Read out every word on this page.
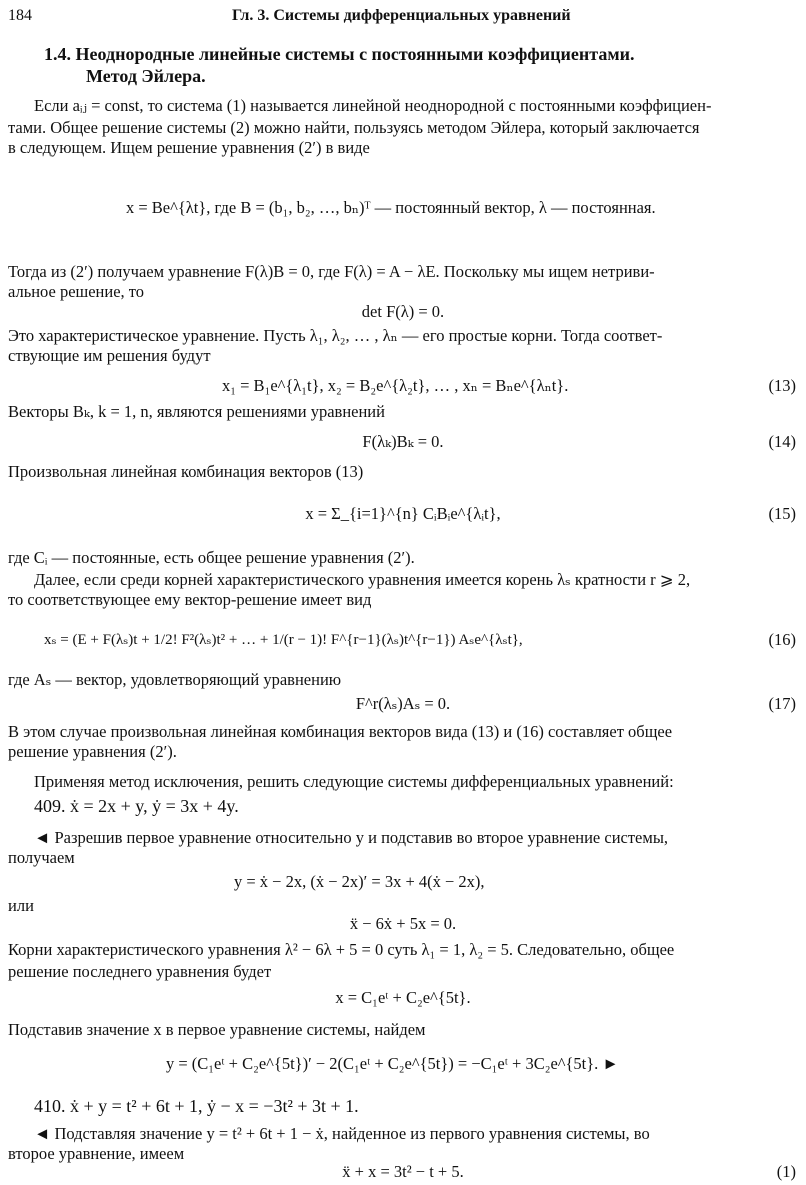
184	Гл. 3. Системы дифференциальных уравнений
1.4. Неоднородные линейные системы с постоянными коэффициентами.
Метод Эйлера.
Если aᵢⱼ = const, то система (1) называется линейной неоднородной с постоянными коэффициен-
тами. Общее решение системы (2) можно найти, пользуясь методом Эйлера, который заключается
в следующем. Ищем решение уравнения (2′) в виде
x = Be^{λt}, где B = (b₁, b₂, …, bₙ)ᵀ — постоянный вектор, λ — постоянная.
Тогда из (2′) получаем уравнение F(λ)B = 0, где F(λ) = A − λE. Поскольку мы ищем нетриви-
альное решение, то
det F(λ) = 0.
Это характеристическое уравнение. Пусть λ₁, λ₂, … , λₙ — его простые корни. Тогда соответ-
ствующие им решения будут
x₁ = B₁e^{λ₁t}, x₂ = B₂e^{λ₂t}, … , xₙ = Bₙe^{λₙt}.	(13)
Векторы Bₖ, k = 1, n, являются решениями уравнений
F(λₖ)Bₖ = 0.	(14)
Произвольная линейная комбинация векторов (13)
x = Σ_{i=1}^{n} CᵢBᵢe^{λᵢt},	(15)
где Cᵢ — постоянные, есть общее решение уравнения (2′).
Далее, если среди корней характеристического уравнения имеется корень λₛ кратности r ⩾ 2,
то соответствующее ему вектор-решение имеет вид
xₛ = (E + F(λₛ)t + 1/2! F²(λₛ)t² + … + 1/(r − 1)! F^{r−1}(λₛ)t^{r−1}) Aₛe^{λₛt},	(16)
где Aₛ — вектор, удовлетворяющий уравнению
F^r(λₛ)Aₛ = 0.	(17)
В этом случае произвольная линейная комбинация векторов вида (13) и (16) составляет общее
решение уравнения (2′).
Применяя метод исключения, решить следующие системы дифференциальных уравнений:
409. ẋ = 2x + y, ẏ = 3x + 4y.
◄ Разрешив первое уравнение относительно y и подставив во второе уравнение системы,
получаем
y = ẋ − 2x, (ẋ − 2x)′ = 3x + 4(ẋ − 2x),
или
ẍ − 6ẋ + 5x = 0.
Корни характеристического уравнения λ² − 6λ + 5 = 0 суть λ₁ = 1, λ₂ = 5. Следовательно, общее
решение последнего уравнения будет
x = C₁eᵗ + C₂e^{5t}.
Подставив значение x в первое уравнение системы, найдем
y = (C₁eᵗ + C₂e^{5t})′ − 2(C₁eᵗ + C₂e^{5t}) = −C₁eᵗ + 3C₂e^{5t}. ►
410. ẋ + y = t² + 6t + 1, ẏ − x = −3t² + 3t + 1.
◄ Подставляя значение y = t² + 6t + 1 − ẋ, найденное из первого уравнения системы, во
второе уравнение, имеем
ẍ + x = 3t² − t + 5.	(1)
